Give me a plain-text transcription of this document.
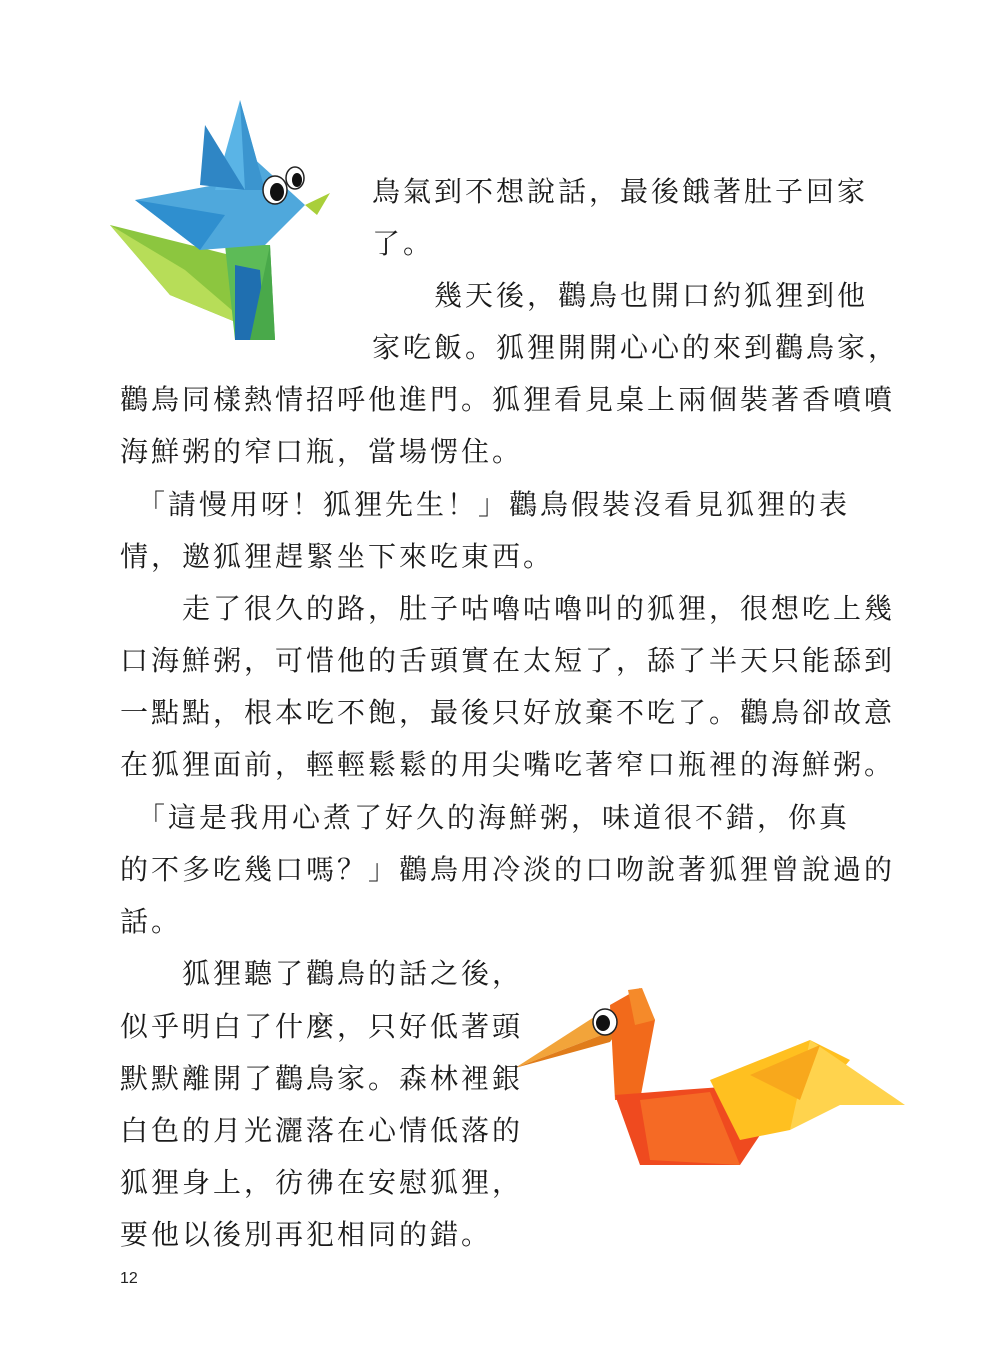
鳥氣到不想說話，最後餓著肚子回家
了。
　　幾天後，鸛鳥也開口約狐狸到他
家吃飯。狐狸開開心心的來到鸛鳥家，
鸛鳥同樣熱情招呼他進門。狐狸看見桌上兩個裝著香噴噴
海鮮粥的窄口瓶，當場愣住。
　「請慢用呀！狐狸先生！」鸛鳥假裝沒看見狐狸的表
情，邀狐狸趕緊坐下來吃東西。
　　走了很久的路，肚子咕嚕咕嚕叫的狐狸，很想吃上幾
口海鮮粥，可惜他的舌頭實在太短了，舔了半天只能舔到
一點點，根本吃不飽，最後只好放棄不吃了。鸛鳥卻故意
在狐狸面前，輕輕鬆鬆的用尖嘴吃著窄口瓶裡的海鮮粥。
　「這是我用心煮了好久的海鮮粥，味道很不錯，你真
的不多吃幾口嗎？」鸛鳥用冷淡的口吻說著狐狸曾說過的
話。
　　狐狸聽了鸛鳥的話之後，
似乎明白了什麼，只好低著頭
默默離開了鸛鳥家。森林裡銀
白色的月光灑落在心情低落的
狐狸身上，彷彿在安慰狐狸，
要他以後別再犯相同的錯。
12
